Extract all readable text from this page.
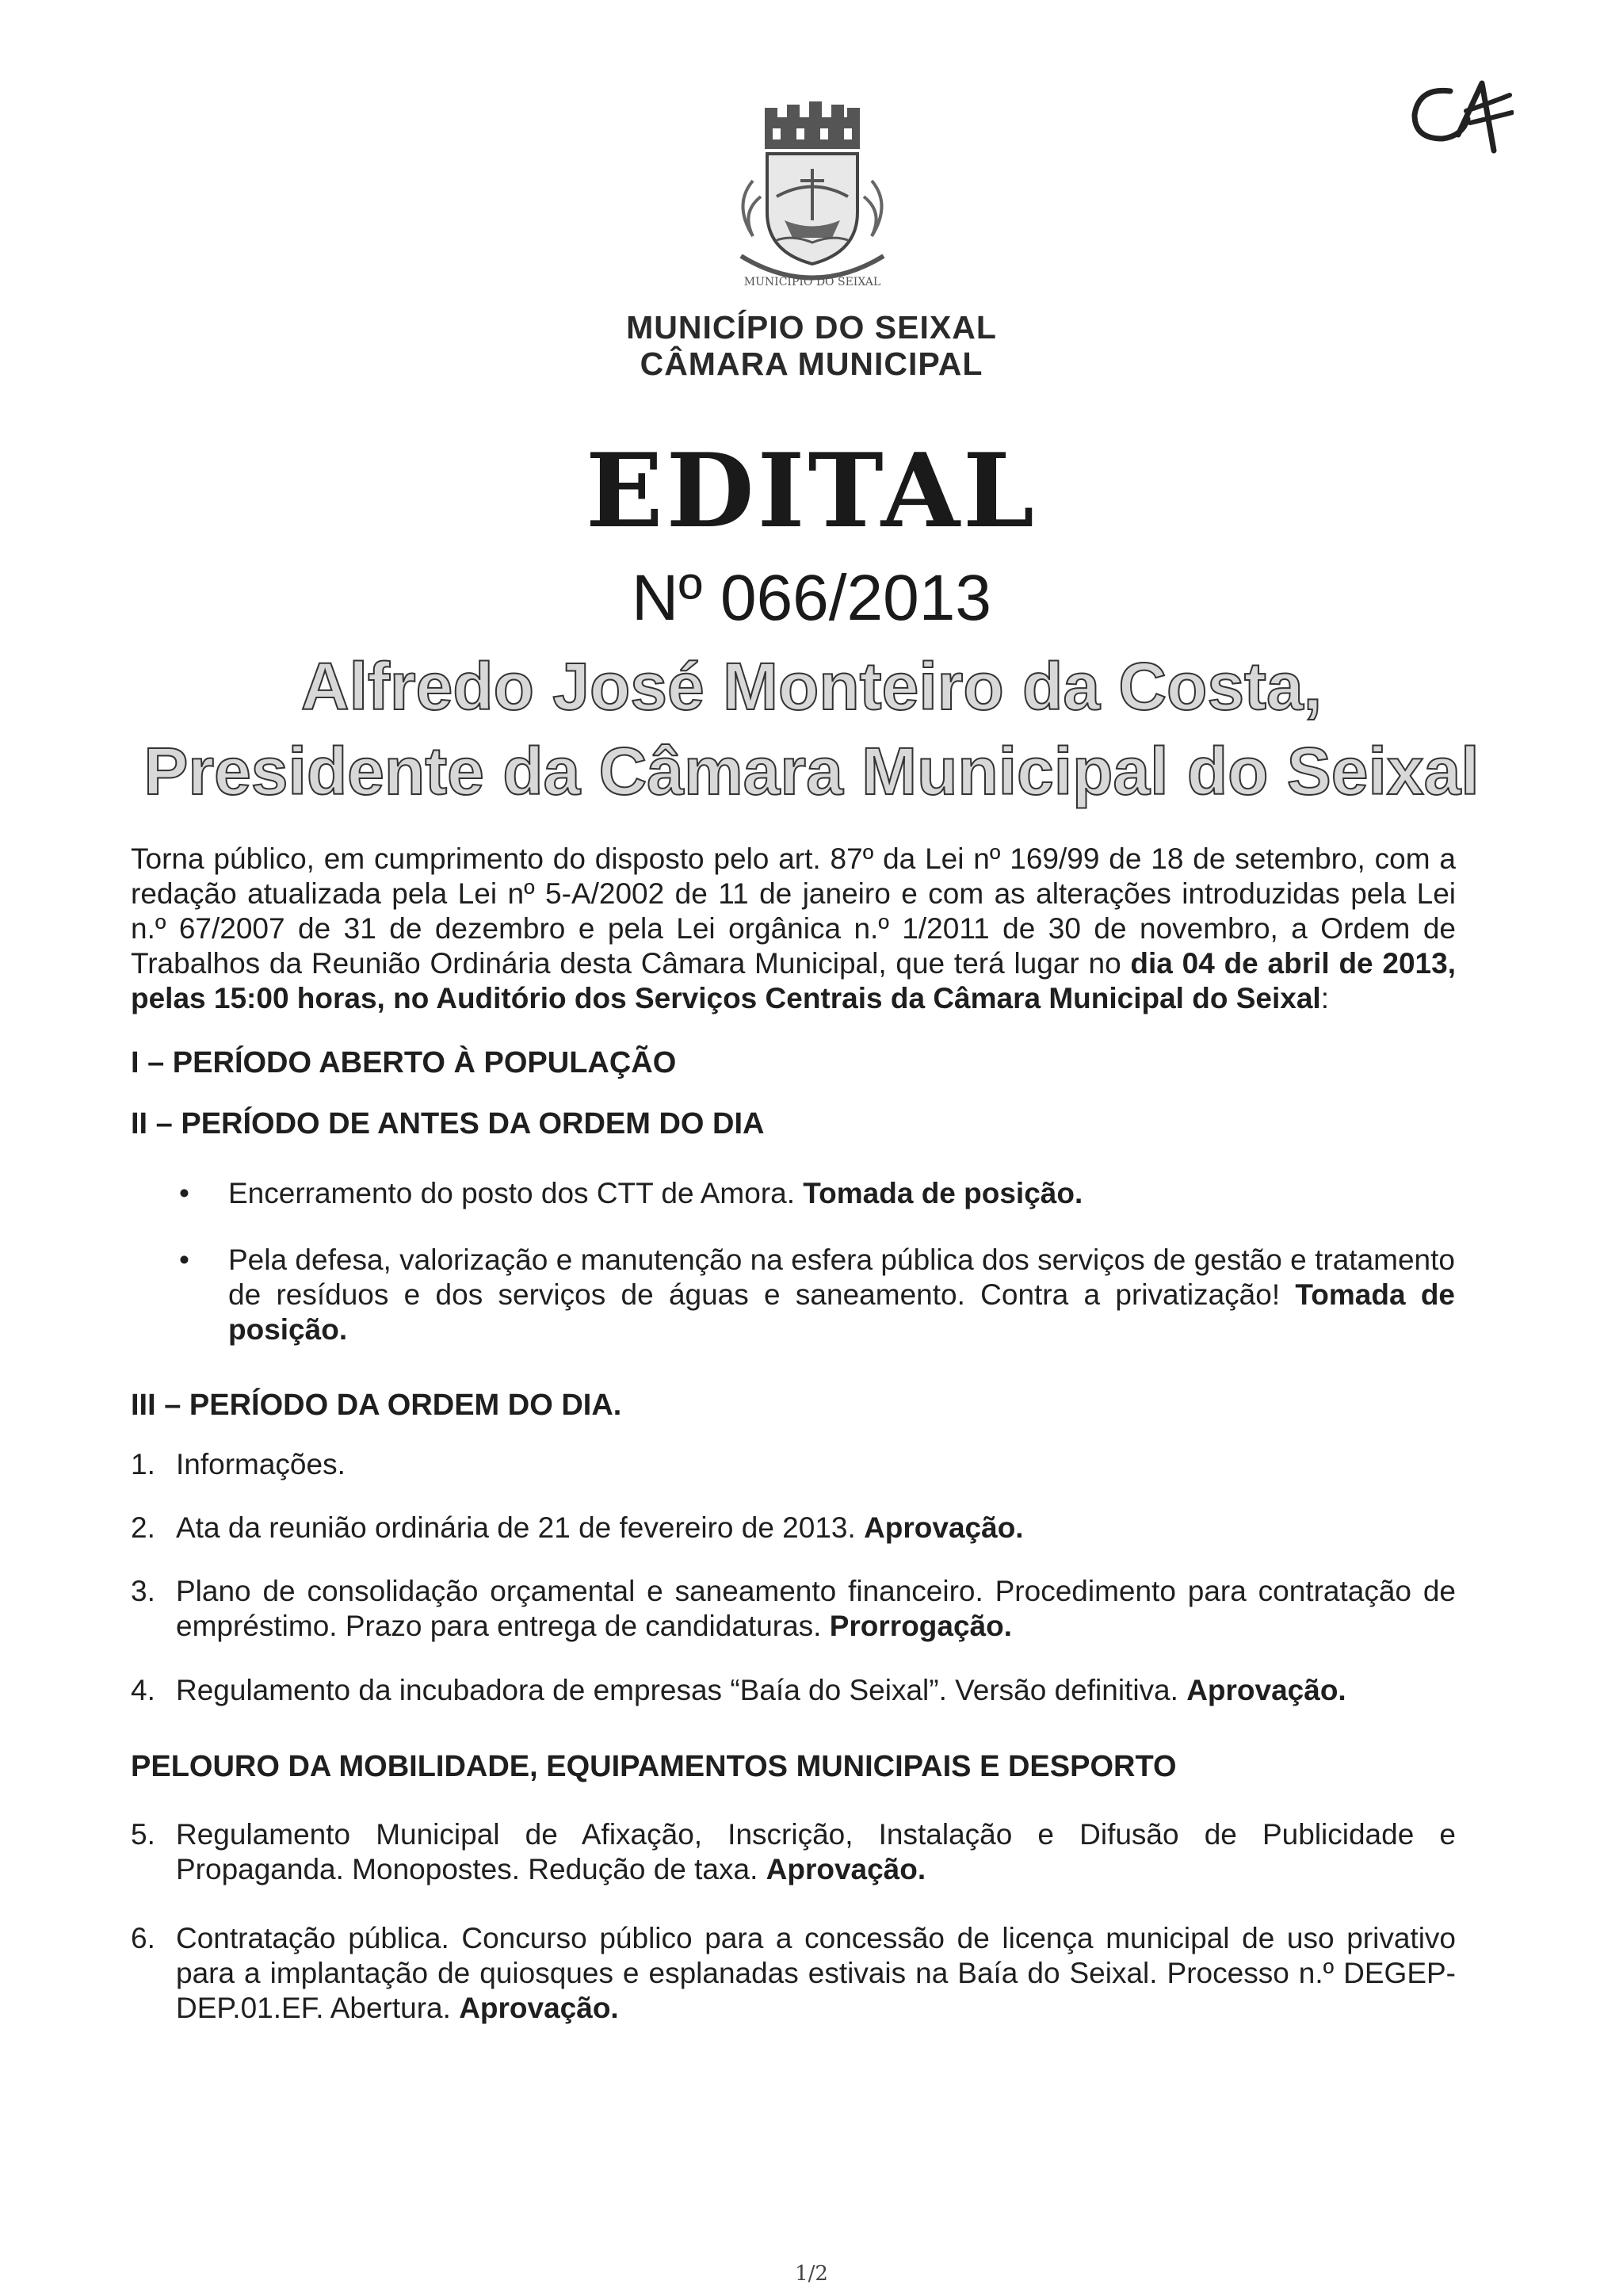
MUNICIPIO DO SEIXAL
MUNICÍPIO DO SEIXAL
CÂMARA MUNICIPAL
EDITAL
Nº 066/2013
Alfredo José Monteiro da Costa,
Presidente da Câmara Municipal do Seixal
Torna público, em cumprimento do disposto pelo art. 87º da Lei nº 169/99 de 18 de setembro, com a redação atualizada pela Lei nº 5-A/2002 de 11 de janeiro e com as alterações introduzidas pela Lei n.º 67/2007 de 31 de dezembro e pela Lei orgânica n.º 1/2011 de 30 de novembro, a Ordem de Trabalhos da Reunião Ordinária desta Câmara Municipal, que terá lugar no dia 04 de abril de 2013, pelas 15:00 horas, no Auditório dos Serviços Centrais da Câmara Municipal do Seixal:
I – PERÍODO ABERTO À POPULAÇÃO
II – PERÍODO DE ANTES DA ORDEM DO DIA
• Encerramento do posto dos CTT de Amora. Tomada de posição.
• Pela defesa, valorização e manutenção na esfera pública dos serviços de gestão e tratamento de resíduos e dos serviços de águas e saneamento. Contra a privatização! Tomada de posição.
III – PERÍODO DA ORDEM DO DIA.
1. Informações.
2. Ata da reunião ordinária de 21 de fevereiro de 2013. Aprovação.
3. Plano de consolidação orçamental e saneamento financeiro. Procedimento para contratação de empréstimo. Prazo para entrega de candidaturas. Prorrogação.
4. Regulamento da incubadora de empresas “Baía do Seixal”. Versão definitiva. Aprovação.
PELOURO DA MOBILIDADE, EQUIPAMENTOS MUNICIPAIS E DESPORTO
5. Regulamento Municipal de Afixação, Inscrição, Instalação e Difusão de Publicidade e Propaganda. Monopostes. Redução de taxa. Aprovação.
6. Contratação pública. Concurso público para a concessão de licença municipal de uso privativo para a implantação de quiosques e esplanadas estivais na Baía do Seixal. Processo n.º DEGEP-DEP.01.EF. Abertura. Aprovação.
1/2
